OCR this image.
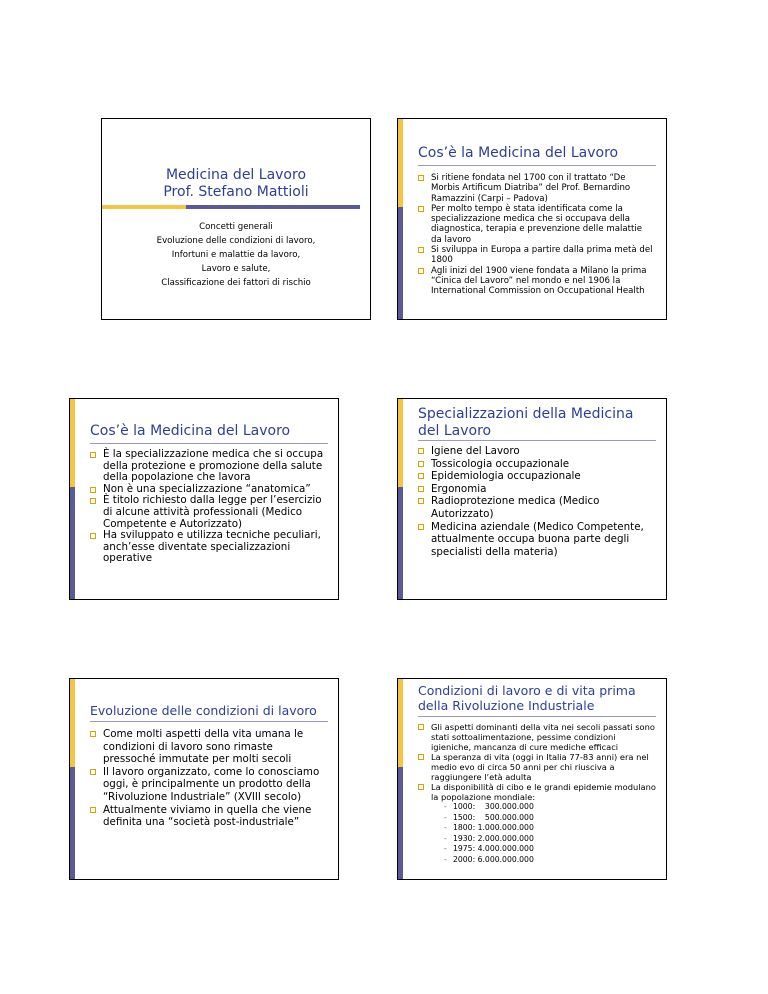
Medicina del Lavoro
Prof. Stefano Mattioli
Concetti generali
Evoluzione delle condizioni di lavoro,
Infortuni e malattie da lavoro,
Lavoro e salute,
Classificazione dei fattori di rischio
Cos’è la Medicina del Lavoro
Si ritiene fondata nel 1700 con il trattato “De Morbis Artificum Diatriba” del Prof. Bernardino Ramazzini (Carpi – Padova)
Per molto tempo è stata identificata come la specializzazione medica che si occupava della diagnostica, terapia e prevenzione delle malattie da lavoro
Si sviluppa in Europa a partire dalla prima metà del 1800
Agli inizi del 1900 viene fondata a Milano la prima “Cinica del Lavoro” nel mondo e nel 1906 la International Commission on Occupational Health
Cos’è la Medicina del Lavoro
È la specializzazione medica che si occupa della protezione e promozione della salute della popolazione che lavora
Non è una specializzazione “anatomica”
È titolo richiesto dalla legge per l’esercizio di alcune attività professionali (Medico Competente e Autorizzato)
Ha sviluppato e utilizza tecniche peculiari, anch’esse diventate specializzazioni operative
Specializzazioni della Medicina del Lavoro
Igiene del Lavoro
Tossicologia occupazionale
Epidemiologia occupazionale
Ergonomia
Radioprotezione medica (Medico Autorizzato)
Medicina aziendale (Medico Competente, attualmente occupa buona parte degli specialisti della materia)
Evoluzione delle condizioni di lavoro
Come molti aspetti della vita umana le condizioni di lavoro sono rimaste pressoché immutate per molti secoli
Il lavoro organizzato, come lo conosciamo oggi, è principalmente un prodotto della “Rivoluzione Industriale” (XVIII secolo)
Attualmente viviamo in quella che viene definita una “società post-industriale”
Condizioni di lavoro e di vita prima della Rivoluzione Industriale
Gli aspetti dominanti della vita nei secoli passati sono stati sottoalimentazione, pessime condizioni igieniche, mancanza di cure mediche efficaci
La speranza di vita (oggi in Italia 77-83 anni) era nel medio evo di circa 50 anni per chi riusciva a raggiungere l’età adulta
La disponibilità di cibo e le grandi epidemie modulano la popolazione mondiale:
- 1000:    300.000.000
- 1500:    500.000.000
- 1800: 1.000.000.000
- 1930: 2.000.000.000
- 1975: 4.000.000.000
- 2000: 6.000.000.000
